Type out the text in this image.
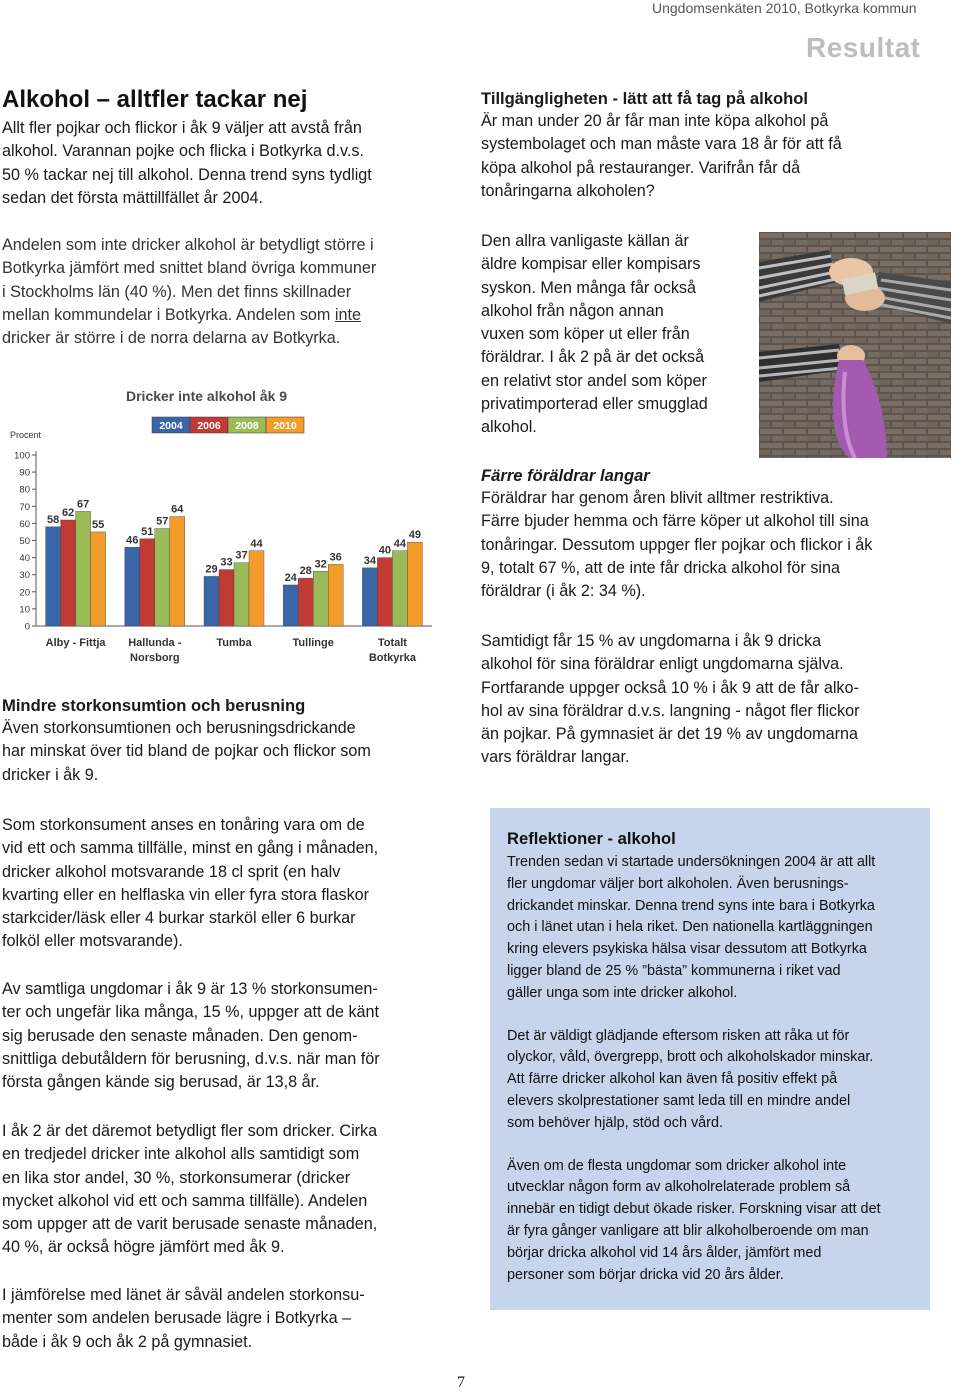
Ungdomsenkäten 2010, Botkyrka kommun
Resultat
Alkohol – alltfler tackar nej

Allt fler pojkar och flickor i åk 9 väljer att avstå från

alkohol. Varannan pojke och flicka i Botkyrka d.v.s.

50 % tackar nej till alkohol. Denna trend syns tydligt

sedan det första mättillfället år 2004.

Andelen som inte dricker alkohol är betydligt större i

Botkyrka jämfört med snittet bland övriga kommuner

i Stockholms län (40 %). Men det finns skillnader

mellan kommundelar i Botkyrka. Andelen som inte

dricker är större i de norra delarna av Botkyrka.

Dricker inte alkohol åk 9
2004 2006 2008 2010
Procent
0
10
20
30
40
50
60
70
80
90
100
58
62
67
55
Alby - Fittja
46
51
57
64
Hallunda -
Norsborg
29
33
37
44
Tumba
24
28
32
36
Tullinge
34
40
44
49
Totalt
Botkyrka

Mindre storkonsumtion och berusning

Även storkonsumtionen och berusningsdrickande

har minskat över tid bland de pojkar och flickor som

dricker i åk 9.

Som storkonsument anses en tonåring vara om de

vid ett och samma tillfälle, minst en gång i månaden,

dricker alkohol motsvarande 18 cl sprit (en halv

kvarting eller en helflaska vin eller fyra stora flaskor

starkcider/läsk eller 4 burkar starköl eller 6 burkar

folköl eller motsvarande).

Av samtliga ungdomar i åk 9 är 13 % storkonsumen-

ter och ungefär lika många, 15 %, uppger att de känt

sig berusade den senaste månaden. Den genom-

snittliga debutåldern för berusning, d.v.s. när man för

första gången kände sig berusad, är 13,8 år.

I åk 2 är det däremot betydligt fler som dricker. Cirka

en tredjedel dricker inte alkohol alls samtidigt som

en lika stor andel, 30 %, storkonsumerar (dricker

mycket alkohol vid ett och samma tillfälle). Andelen

som uppger att de varit berusade senaste månaden,

40 %, är också högre jämfört med åk 9.

I jämförelse med länet är såväl andelen storkonsu-

menter som andelen berusade lägre i Botkyrka –

både i åk 9 och åk 2 på gymnasiet.

Tillgängligheten - lätt att få tag på alkohol

Är man under 20 år får man inte köpa alkohol på

systembolaget och man måste vara 18 år för att få

köpa alkohol på restauranger. Varifrån får då

tonåringarna alkoholen?

Den allra vanligaste källan är

äldre kompisar eller kompisars

syskon. Men många får också

alkohol från någon annan

vuxen som köper ut eller från

föräldrar. I åk 2 på är det också

en relativt stor andel som köper

privatimporterad eller smugglad

alkohol.

Färre föräldrar langar

Föräldrar har genom åren blivit alltmer restriktiva.

Färre bjuder hemma och färre köper ut alkohol till sina

tonåringar. Dessutom uppger fler pojkar och flickor i åk

9, totalt 67 %, att de inte får dricka alkohol för sina

föräldrar (i åk 2: 34 %).

Samtidigt får 15 % av ungdomarna i åk 9 dricka

alkohol för sina föräldrar enligt ungdomarna själva.

Fortfarande uppger också 10 % i åk 9 att de får alko-

hol av sina föräldrar d.v.s. langning - något fler flickor

än pojkar. På gymnasiet är det 19 % av ungdomarna

vars föräldrar langar.

Reflektioner - alkohol

Trenden sedan vi startade undersökningen 2004 är att allt

fler ungdomar väljer bort alkoholen. Även berusnings-

drickandet minskar. Denna trend syns inte bara i Botkyrka

och i länet utan i hela riket. Den nationella kartläggningen

kring elevers psykiska hälsa visar dessutom att Botkyrka

ligger bland de 25 % ”bästa” kommunerna i riket vad

gäller unga som inte dricker alkohol.

Det är väldigt glädjande eftersom risken att råka ut för

olyckor, våld, övergrepp, brott och alkoholskador minskar.

Att färre dricker alkohol kan även få positiv effekt på

elevers skolprestationer samt leda till en mindre andel

som behöver hjälp, stöd och vård.

Även om de flesta ungdomar som dricker alkohol inte

utvecklar någon form av alkoholrelaterade problem så

innebär en tidigt debut ökade risker. Forskning visar att det

är fyra gånger vanligare att blir alkoholberoende om man

börjar dricka alkohol vid 14 års ålder, jämfört med

personer som börjar dricka vid 20 års ålder.

7
